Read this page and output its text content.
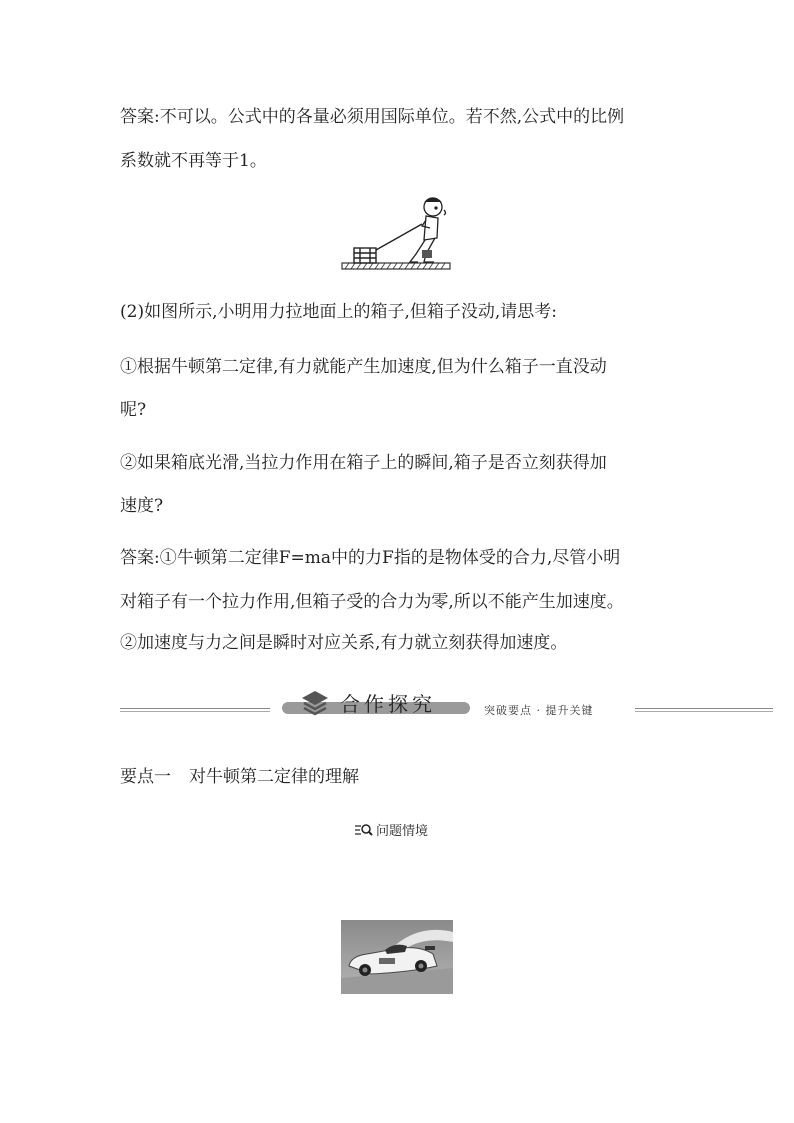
答案:不可以。公式中的各量必须用国际单位。若不然,公式中的比例
系数就不再等于1。
(2)如图所示,小明用力拉地面上的箱子,但箱子没动,请思考:
①根据牛顿第二定律,有力就能产生加速度,但为什么箱子一直没动
呢?
②如果箱底光滑,当拉力作用在箱子上的瞬间,箱子是否立刻获得加
速度?
答案:①牛顿第二定律F=ma中的力F指的是物体受的合力,尽管小明
对箱子有一个拉力作用,但箱子受的合力为零,所以不能产生加速度。
②加速度与力之间是瞬时对应关系,有力就立刻获得加速度。
合作探究	突破要点 · 提升关键
要点一 对牛顿第二定律的理解
问题情境
